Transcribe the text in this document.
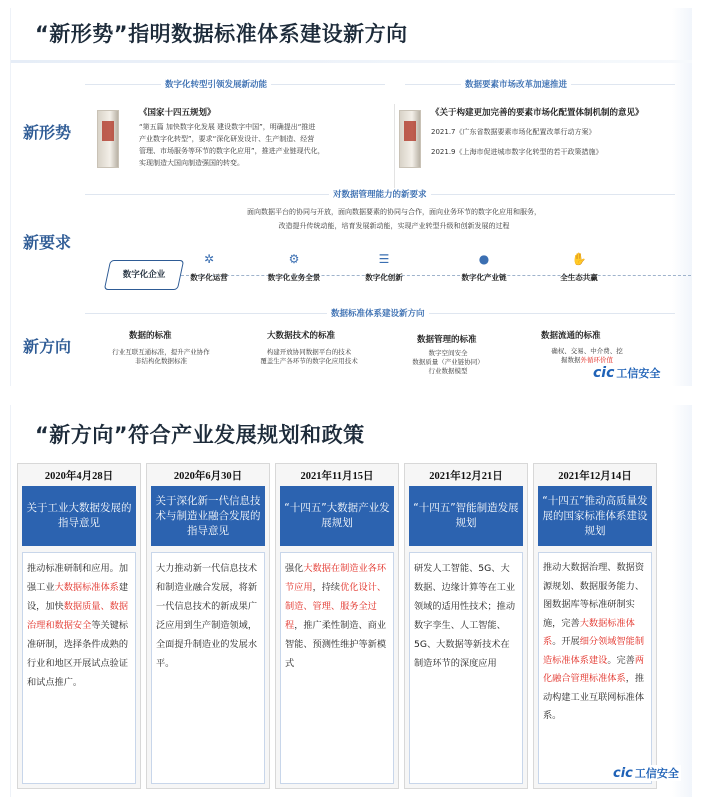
“新形势”指明数据标准体系建设新方向
新形势
新要求
新方向
数字化转型引领发展新动能
《国家十四五规划》
“第五篇 加快数字化发展 建设数字中国”，明确提出“推进
产业数字化转型”，要求“深化研发设计、生产制造、经营
管理、市场服务等环节的数字化应用”，推进产业链现代化，
实现制造大国向制造强国的转变。
数据要素市场改革加速推进
《关于构建更加完善的要素市场化配置体制机制的意见》
2021.7《广东省数据要素市场化配置改革行动方案》
2021.9《上海市促进城市数字化转型的若干政策措施》
对数据管理能力的新要求
面向数据平台的协同与开放，面向数据要素的协同与合作，面向业务环节的数字化应用和服务，
改造提升传统动能，培育发展新动能，实现产业转型升级和创新发展的过程
数字化企业
✲
数字化运营
⚙
数字化业务全景
☰
数字化创新
●
数字化产业链
✋
全生态共赢
数据标准体系建设新方向
数据的标准
行业互联互通标准，提升产业协作
非结构化数据标准
大数据技术的标准
构建开放协同数据平台的技术
覆盖生产各环节的数字化应用技术
数据管理的标准
数字空间安全
数据质量（产业链协同）
行业数据模型
数据流通的标准
确权、交易、中介费、挖
掘数据外循环价值
cic 工信安全
“新方向”符合产业发展规划和政策
2020年4月28日
关于工业大数据发展的指导意见
推动标准研制和应用。加强工业大数据标准体系建设，加快数据质量、数据治理和数据安全等关键标准研制，选择条件成熟的行业和地区开展试点验证和试点推广。
2020年6月30日
关于深化新一代信息技术与制造业融合发展的指导意见
大力推动新一代信息技术和制造业融合发展，将新一代信息技术的新成果广泛应用到生产制造领域，全面提升制造业的发展水平。
2021年11月15日
“十四五”大数据产业发展规划
强化大数据在制造业各环节应用，持续优化设计、制造、管理、服务全过程，推广柔性制造、商业智能、预测性维护等新模式
2021年12月21日
“十四五”智能制造发展规划
研发人工智能、5G、大数据、边缘计算等在工业领域的适用性技术；推动数字孪生、人工智能、5G、大数据等新技术在制造环节的深度应用
2021年12月14日
“十四五”推动高质量发展的国家标准体系建设规划
推动大数据治理、数据资源规划、数据服务能力、图数据库等标准研制实施，完善大数据标准体系。开展细分领域智能制造标准体系建设。完善两化融合管理标准体系，推动构建工业互联网标准体系。
cic 工信安全
